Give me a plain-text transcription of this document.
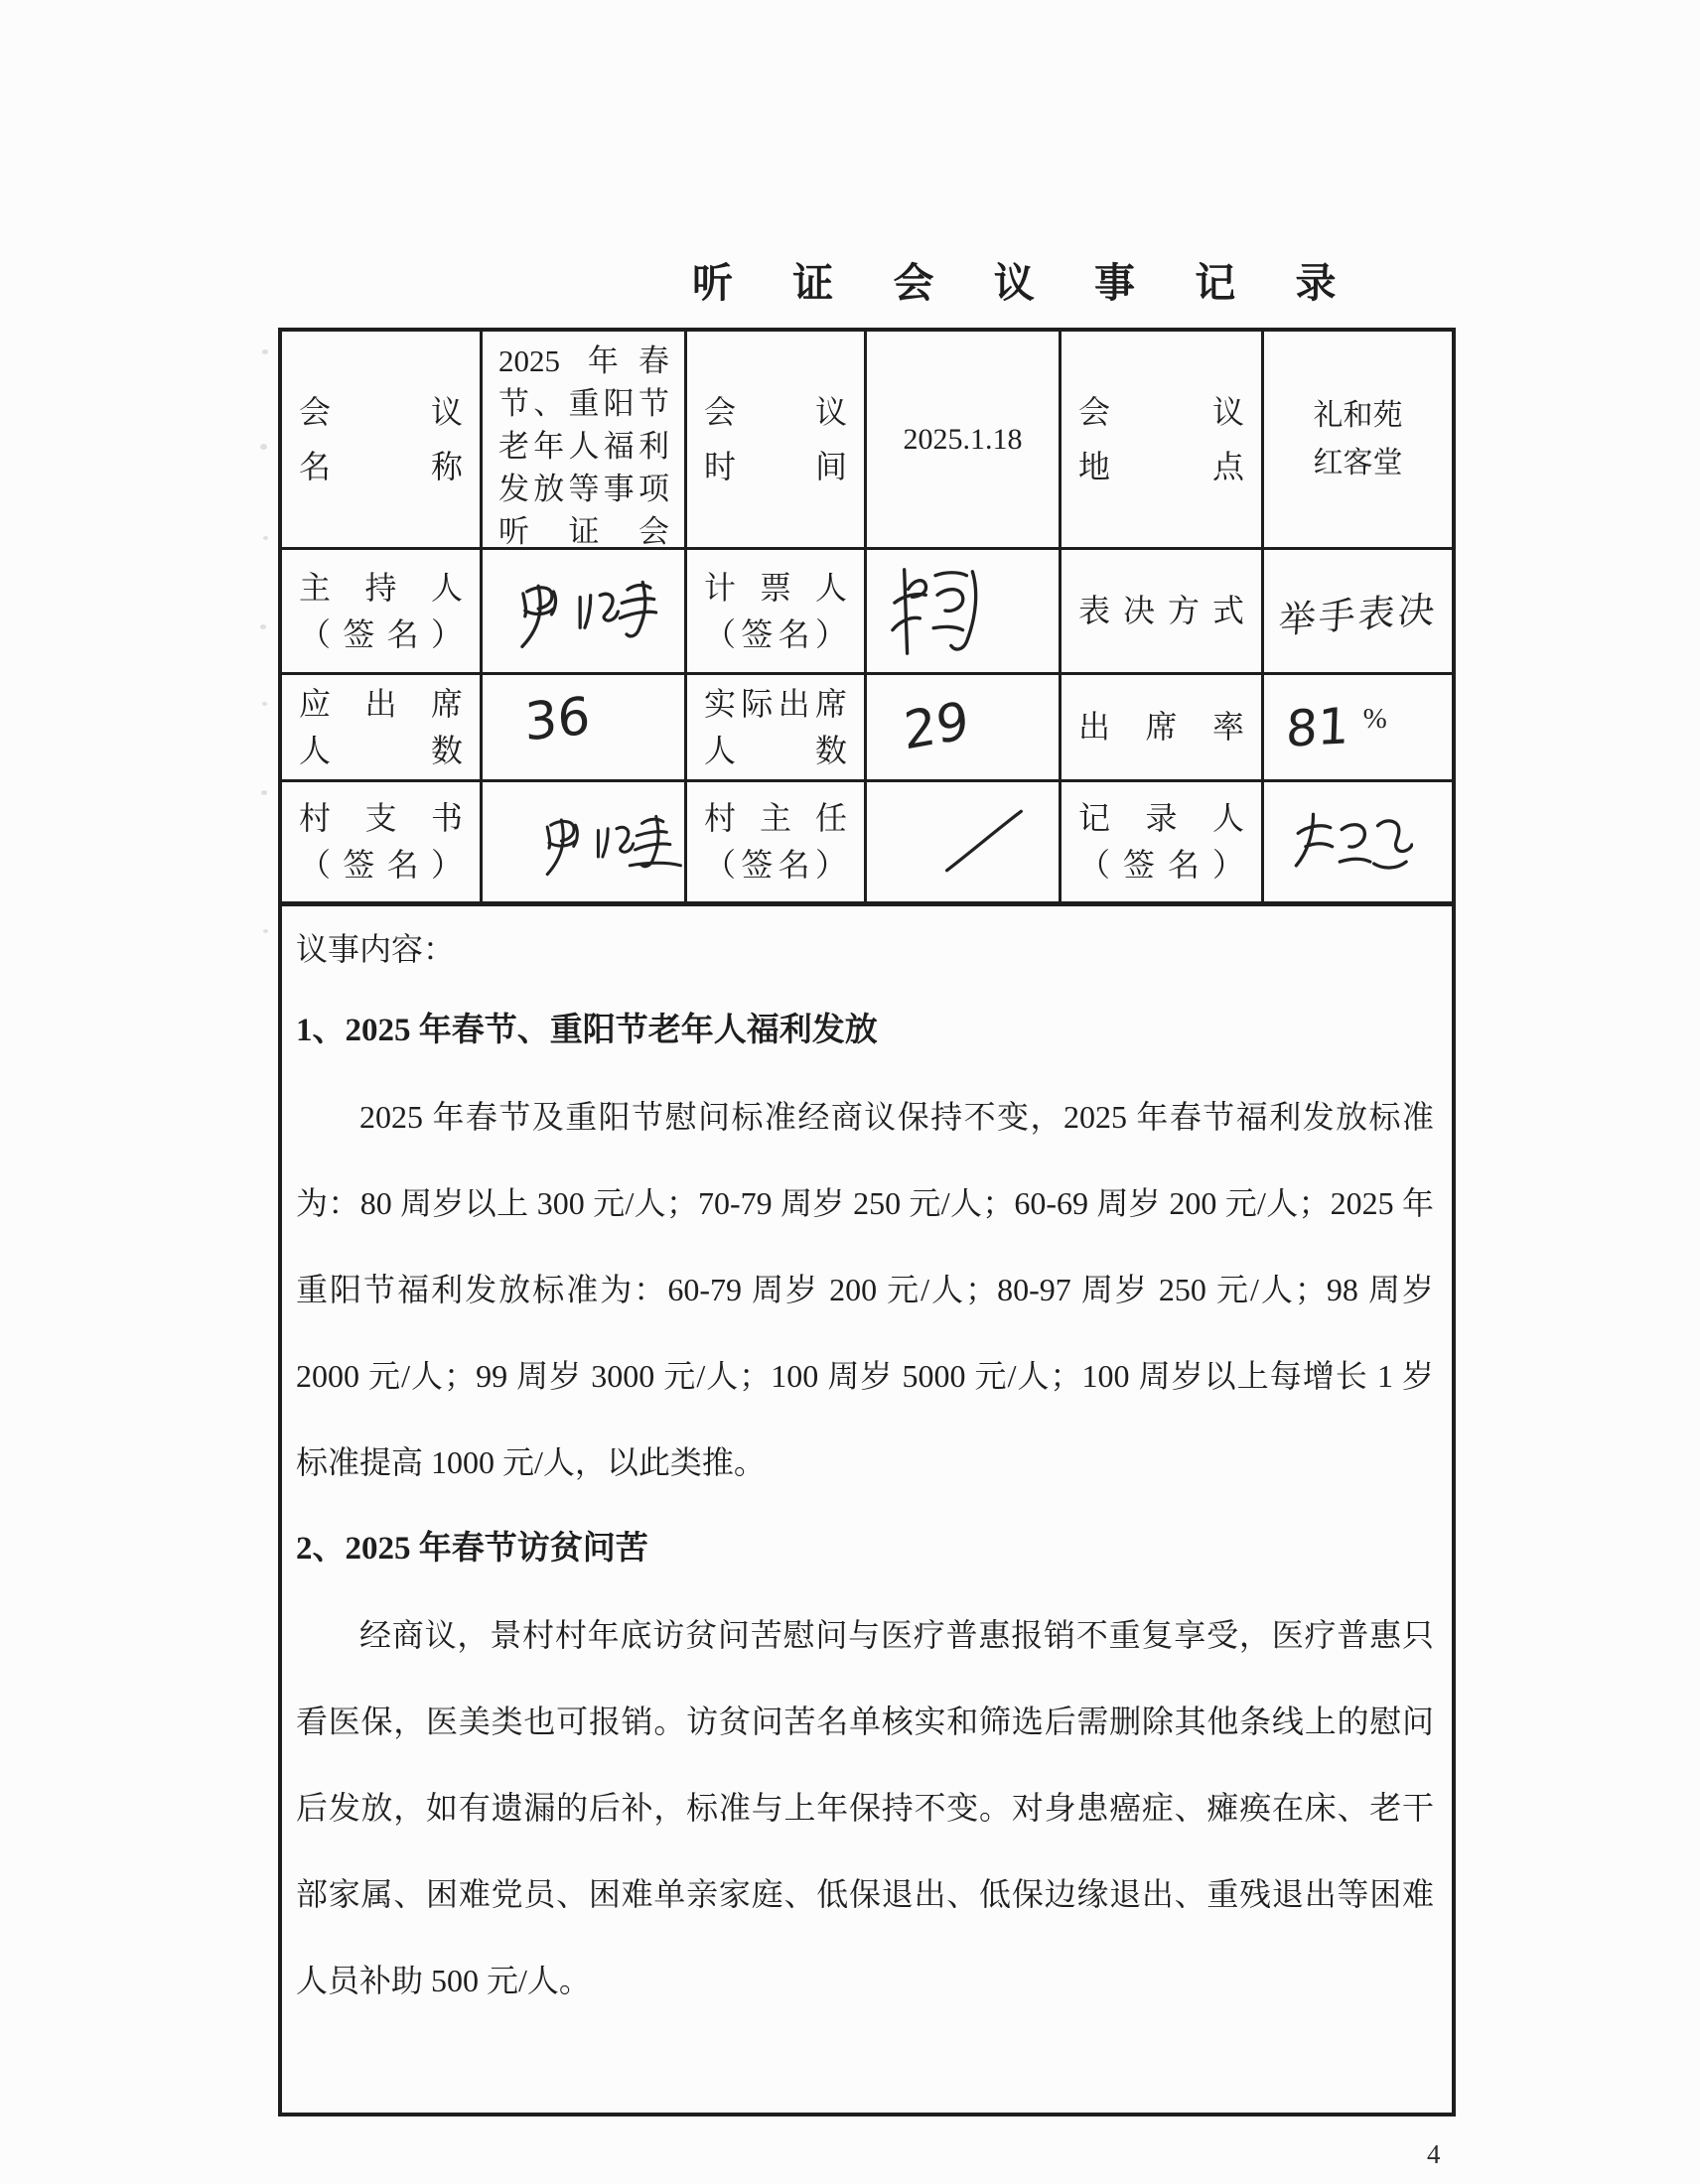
听 证 会 议 事 记 录
会议
名称
2025 年春节、重阳节老年人福利发放等事项听证会
会议
时间
2025.1.18
会议
地点
礼和苑
红客堂
主持人
（签名）
计票人
（签名）
表决方式 举手表决
应出席
人数 36	实际出席
人数 29	出席率 81 %
村支书
（签名）
村主任
（签名）
记录人
（签名）
议事内容：
1、2025 年春节、重阳节老年人福利发放

2025 年春节及重阳节慰问标准经商议保持不变，2025 年春节福利发放标准为：80 周岁以上 300 元/人；70-79 周岁 250 元/人；60-69 周岁 200 元/人；2025 年重阳节福利发放标准为：60-79 周岁 200 元/人；80-97 周岁 250 元/人；98 周岁 2000 元/人；99 周岁 3000 元/人；100 周岁 5000 元/人；100 周岁以上每增长 1 岁标准提高 1000 元/人，以此类推。

2、2025 年春节访贫问苦

经商议，景村村年底访贫问苦慰问与医疗普惠报销不重复享受，医疗普惠只看医保，医美类也可报销。访贫问苦名单核实和筛选后需删除其他条线上的慰问后发放，如有遗漏的后补，标准与上年保持不变。对身患癌症、瘫痪在床、老干部家属、困难党员、困难单亲家庭、低保退出、低保边缘退出、重残退出等困难人员补助 500 元/人。

4
